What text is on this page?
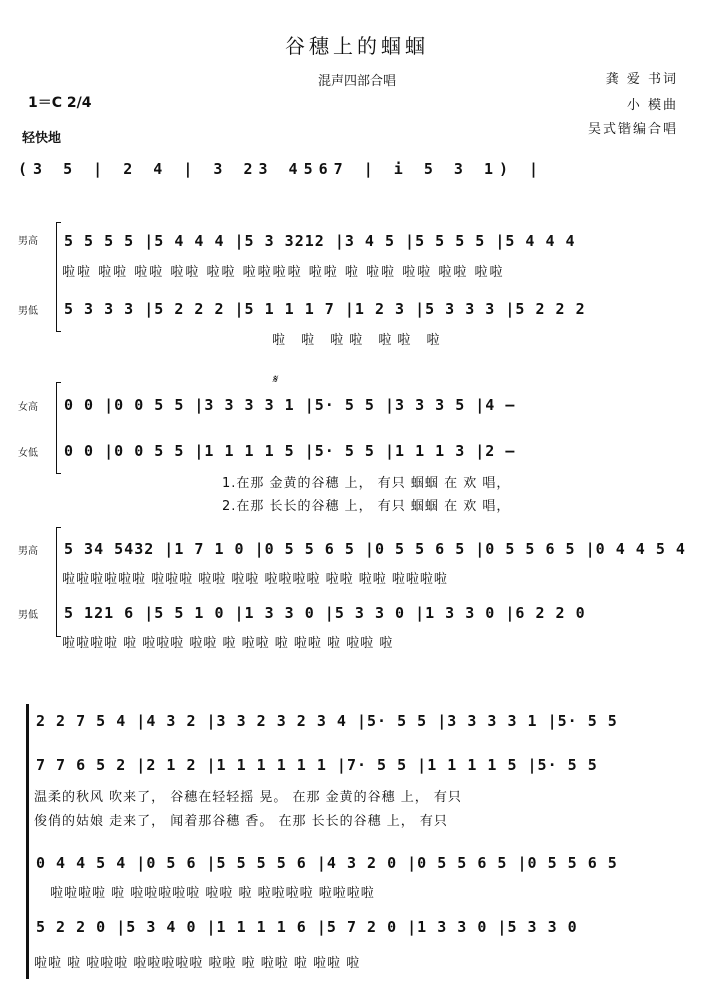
谷穗上的蝈蝈
混声四部合唱	龚 爱 书词
小 模曲
吴式锴编合唱
1＝C 2/4
轻快地
(3 5 | 2 4 | 3 23 4567 | i 5 3 1) |
男高
男低
5 5 5 5 |5 4 4 4 |5 3 3212 |3 4 5 |5 5 5 5 |5 4 4 4
啦啦 啦啦 啦啦 啦啦 啦啦 啦啦啦啦 啦啦 啦 啦啦 啦啦 啦啦 啦啦
5 3 3 3 |5 2 2 2 |5 1 1 1 7 |1 2 3 |5 3 3 3 |5 2 2 2
啦 啦 啦啦 啦啦 啦
女高
女低
男高
男低
𝄋
0 0 |0 0 5 5 |3 3 3 3 1 |5· 5 5 |3 3 3 5 |4 –
0 0 |0 0 5 5 |1 1 1 1 5 |5· 5 5 |1 1 1 3 |2 –
1.在那 金黄的谷穗 上， 有只 蝈蝈 在 欢 唱，
2.在那 长长的谷穗 上， 有只 蝈蝈 在 欢 唱，
5 34 5432 |1 7 1 0 |0 5 5 6 5 |0 5 5 6 5 |0 5 5 6 5 |0 4 4 5 4
啦啦啦啦啦啦 啦啦啦 啦啦 啦啦 啦啦啦啦 啦啦 啦啦 啦啦啦啦
5 121 6 |5 5 1 0 |1 3 3 0 |5 3 3 0 |1 3 3 0 |6 2 2 0
啦啦啦啦 啦 啦啦啦 啦啦 啦 啦啦 啦 啦啦 啦 啦啦 啦
2 2 7 5 4 |4 3 2 |3 3 2 3 2 3 4 |5· 5 5 |3 3 3 3 1 |5· 5 5
7 7 6 5 2 |2 1 2 |1 1 1 1 1 1 |7· 5 5 |1 1 1 1 5 |5· 5 5
温柔的秋风 吹来了， 谷穗在轻轻摇 晃。 在那 金黄的谷穗 上， 有只
俊俏的姑娘 走来了， 闻着那谷穗 香。 在那 长长的谷穗 上， 有只
0 4 4 5 4 |0 5 6 |5 5 5 5 6 |4 3 2 0 |0 5 5 6 5 |0 5 5 6 5
啦啦啦啦 啦 啦啦啦啦啦 啦啦 啦 啦啦啦啦 啦啦啦啦
5 2 2 0 |5 3 4 0 |1 1 1 1 6 |5 7 2 0 |1 3 3 0 |5 3 3 0
啦啦 啦 啦啦啦 啦啦啦啦啦 啦啦 啦 啦啦 啦 啦啦 啦
